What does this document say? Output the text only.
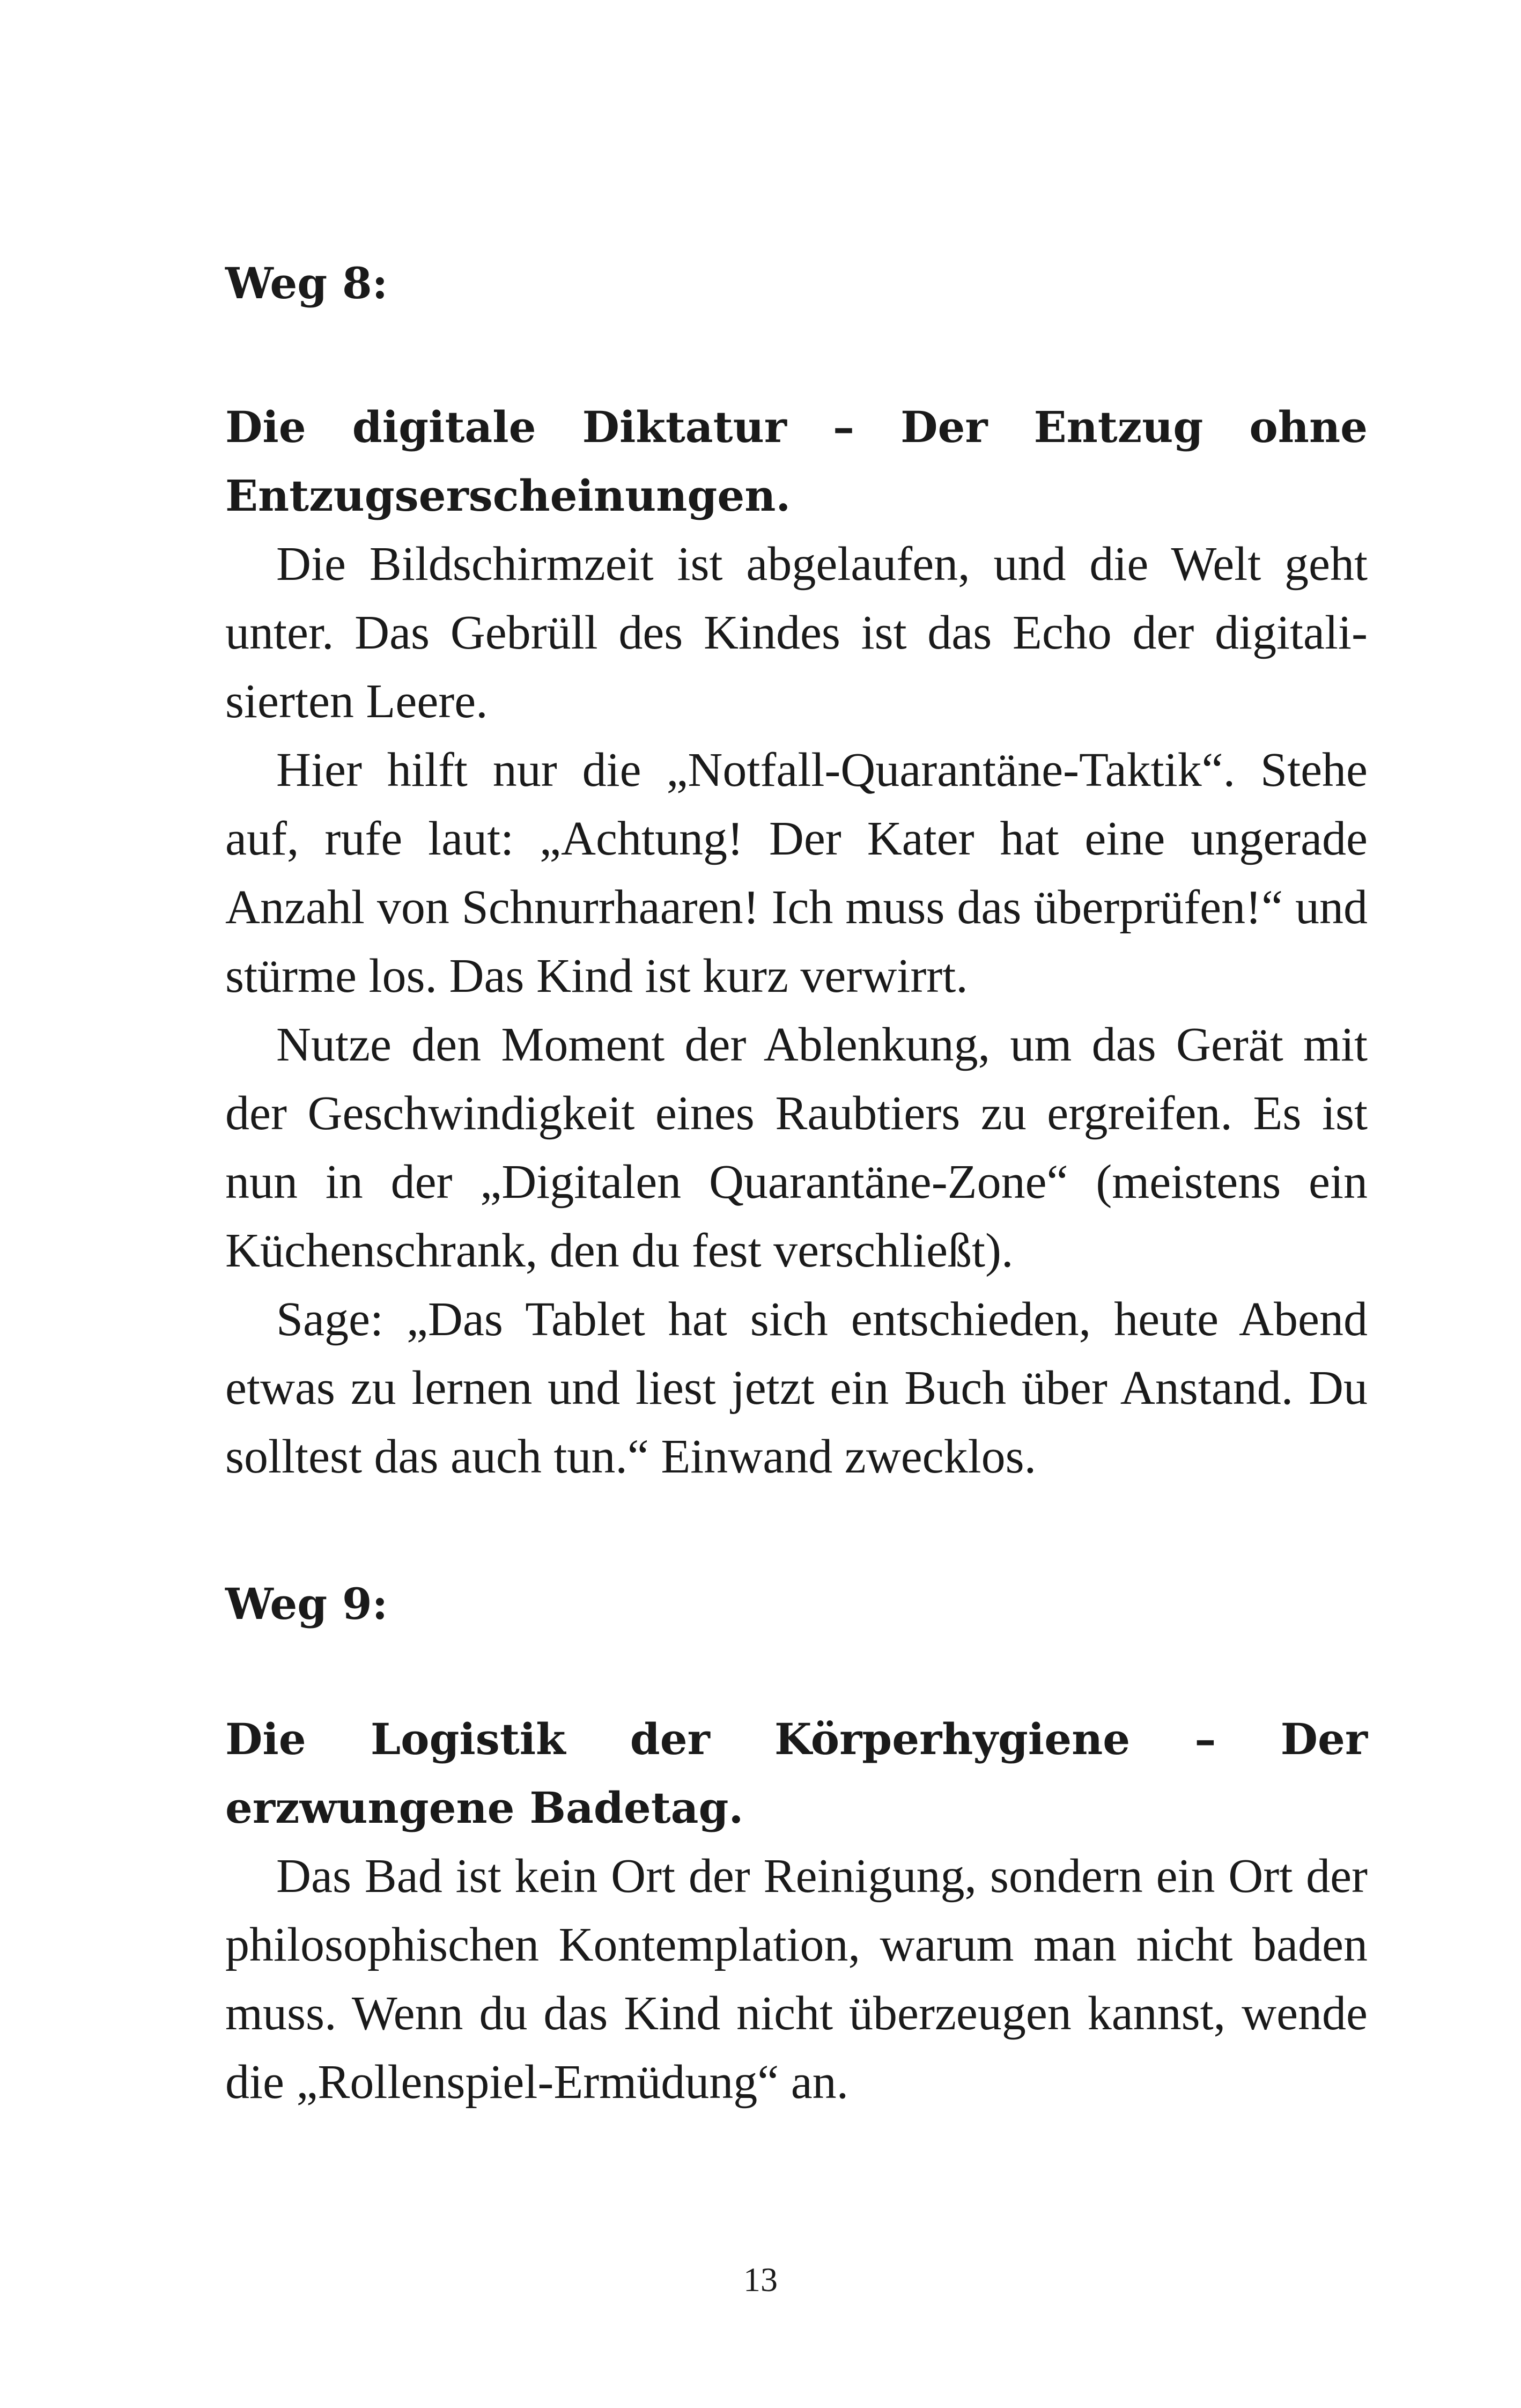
Weg 8:

Die digitale Diktatur – Der Entzug ohne Entzugserscheinungen.

Die Bildschirmzeit ist abgelaufen, und die Welt geht unter. Das Gebrüll des Kindes ist das Echo der digitalisierten Leere.

Hier hilft nur die „Notfall-Quarantäne-Taktik“. Stehe auf, rufe laut: „Achtung! Der Kater hat eine ungerade Anzahl von Schnurrhaaren! Ich muss das überprüfen!“ und stürme los. Das Kind ist kurz verwirrt.

Nutze den Moment der Ablenkung, um das Gerät mit der Geschwindigkeit eines Raubtiers zu ergreifen. Es ist nun in der „Digitalen Quarantäne-Zone“ (meistens ein Küchenschrank, den du fest verschließt).

Sage: „Das Tablet hat sich entschieden, heute Abend etwas zu lernen und liest jetzt ein Buch über Anstand. Du solltest das auch tun.“ Einwand zwecklos.

Weg 9:

Die Logistik der Körperhygiene – Der erzwungene Badetag.

Das Bad ist kein Ort der Reinigung, sondern ein Ort der philosophischen Kontemplation, warum man nicht baden muss. Wenn du das Kind nicht überzeugen kannst, wende die „Rollenspiel-Ermüdung“ an.

13
